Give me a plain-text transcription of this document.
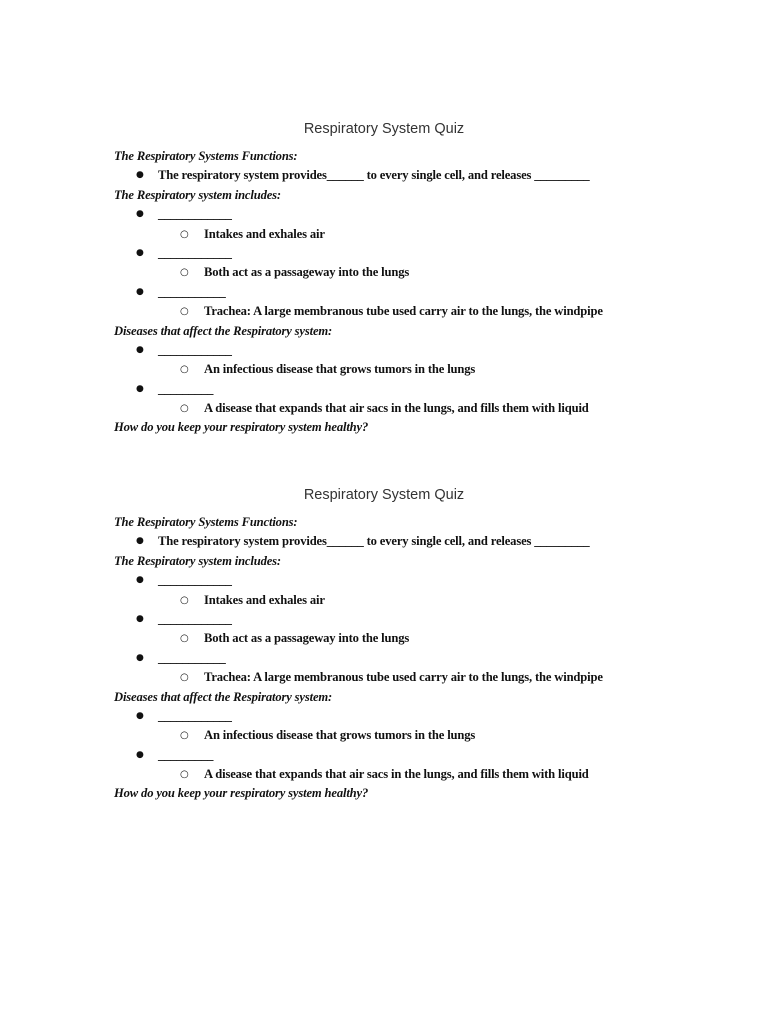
Respiratory System Quiz
The Respiratory Systems Functions:
● The respiratory system provides______ to every single cell, and releases _________
The Respiratory system includes:
● ____________
○ Intakes and exhales air
● ____________
○ Both act as a passageway into the lungs
● ___________
○ Trachea: A large membranous tube used carry air to the lungs, the windpipe
Diseases that affect the Respiratory system:
● ____________
○ An infectious disease that grows tumors in the lungs
● _________
○ A disease that expands that air sacs in the lungs, and fills them with liquid
How do you keep your respiratory system healthy?
Respiratory System Quiz
The Respiratory Systems Functions:
● The respiratory system provides______ to every single cell, and releases _________
The Respiratory system includes:
● ____________
○ Intakes and exhales air
● ____________
○ Both act as a passageway into the lungs
● ___________
○ Trachea: A large membranous tube used carry air to the lungs, the windpipe
Diseases that affect the Respiratory system:
● ____________
○ An infectious disease that grows tumors in the lungs
● _________
○ A disease that expands that air sacs in the lungs, and fills them with liquid
How do you keep your respiratory system healthy?
